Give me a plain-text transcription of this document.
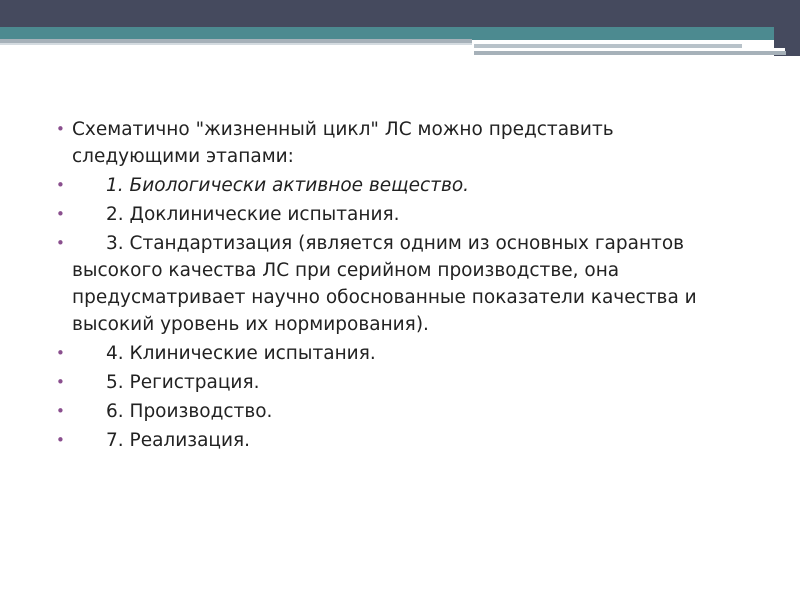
• Схематично "жизненный цикл" ЛС можно представить следующими этапами:
•	1. Биологически активное вещество.
•	2. Доклинические испытания.
•	3. Стандартизация (является одним из основных гарантов высокого качества ЛС при серийном производстве, она предусматривает научно обоснованные показатели качества и высокий уровень их нормирования).
•	4. Клинические испытания.
•	5. Регистрация.
•	6. Производство.
•	7. Реализация.
